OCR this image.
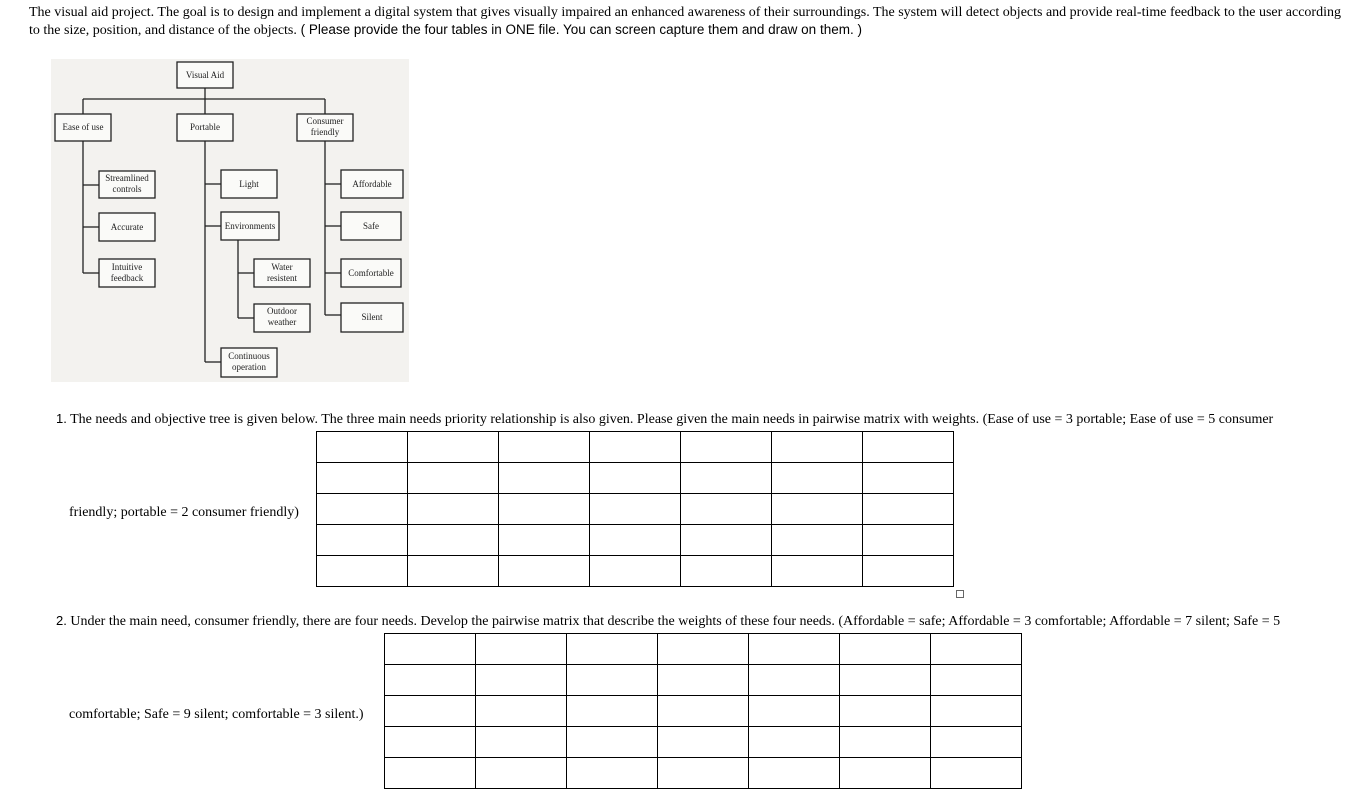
The visual aid project. The goal is to design and implement a digital system that gives visually impaired an enhanced awareness of their surroundings. The system will detect objects and provide real-time feedback to the user according to the size, position, and distance of the objects. ( Please provide the four tables in ONE file. You can screen capture them and draw on them. )
Visual Aid
Ease of use	Portable
Consumer
friendly
Streamlined
controls
Accurate
Intuitive
feedback
Light
Environments
Water
resistent
Outdoor
weather
Continuous
operation
Affordable
Safe
Comfortable
Silent
1. The needs and objective tree is given below. The three main needs priority relationship is also given. Please given the main needs in pairwise matrix with weights. (Ease of use = 3 portable; Ease of use = 5 consumer
friendly; portable = 2 consumer friendly)

2. Under the main need, consumer friendly, there are four needs. Develop the pairwise matrix that describe the weights of these four needs. (Affordable = safe; Affordable = 3 comfortable; Affordable = 7 silent; Safe = 5
comfortable; Safe = 9 silent; comfortable = 3 silent.)
